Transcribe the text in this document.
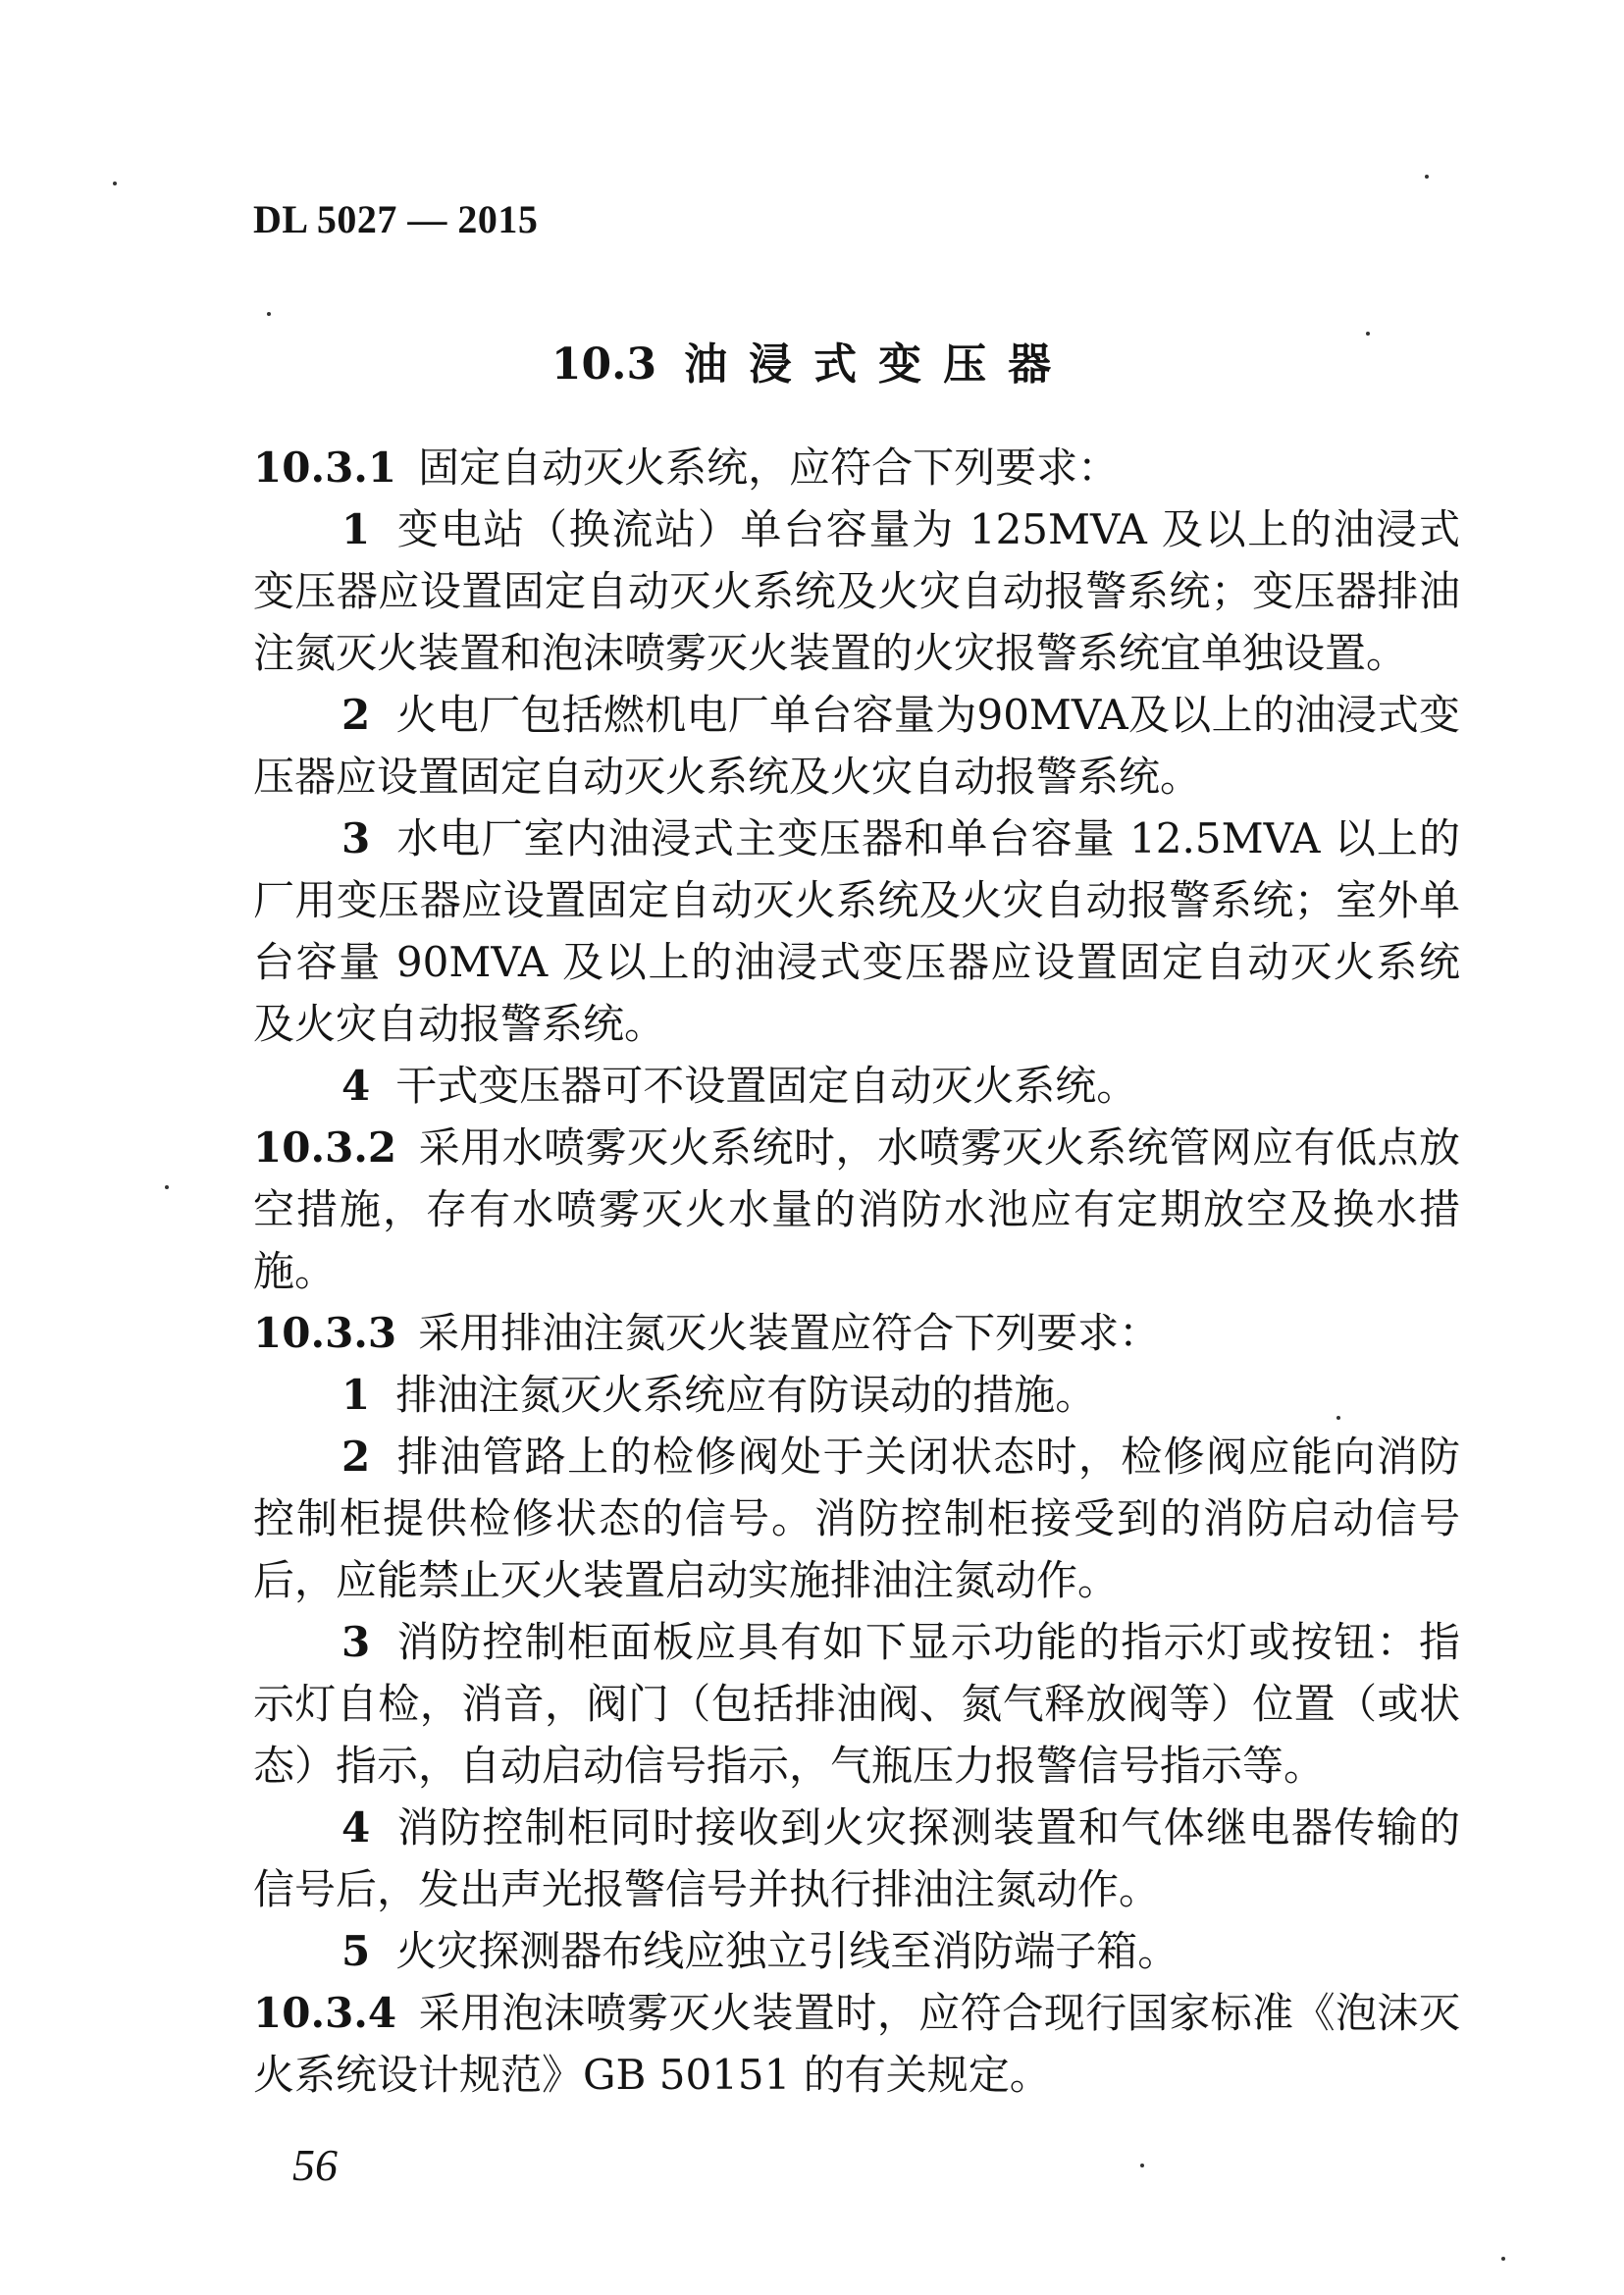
DL 5027 — 2015
10.3 油浸式变压器

10.3.1 固定自动灭火系统，应符合下列要求：

1 变电站（换流站）单台容量为 125MVA 及以上的油浸式变压器应设置固定自动灭火系统及火灾自动报警系统；变压器排油注氮灭火装置和泡沫喷雾灭火装置的火灾报警系统宜单独设置。

2 火电厂包括燃机电厂单台容量为90MVA及以上的油浸式变压器应设置固定自动灭火系统及火灾自动报警系统。

3 水电厂室内油浸式主变压器和单台容量 12.5MVA 以上的厂用变压器应设置固定自动灭火系统及火灾自动报警系统；室外单台容量 90MVA 及以上的油浸式变压器应设置固定自动灭火系统及火灾自动报警系统。

4 干式变压器可不设置固定自动灭火系统。

10.3.2 采用水喷雾灭火系统时，水喷雾灭火系统管网应有低点放空措施，存有水喷雾灭火水量的消防水池应有定期放空及换水措施。

10.3.3 采用排油注氮灭火装置应符合下列要求：

1 排油注氮灭火系统应有防误动的措施。

2 排油管路上的检修阀处于关闭状态时，检修阀应能向消防控制柜提供检修状态的信号。消防控制柜接受到的消防启动信号后，应能禁止灭火装置启动实施排油注氮动作。

3 消防控制柜面板应具有如下显示功能的指示灯或按钮：指示灯自检，消音，阀门（包括排油阀、氮气释放阀等）位置（或状态）指示，自动启动信号指示，气瓶压力报警信号指示等。

4 消防控制柜同时接收到火灾探测装置和气体继电器传输的信号后，发出声光报警信号并执行排油注氮动作。

5 火灾探测器布线应独立引线至消防端子箱。

10.3.4 采用泡沫喷雾灭火装置时，应符合现行国家标准《泡沫灭火系统设计规范》GB 50151 的有关规定。

56
